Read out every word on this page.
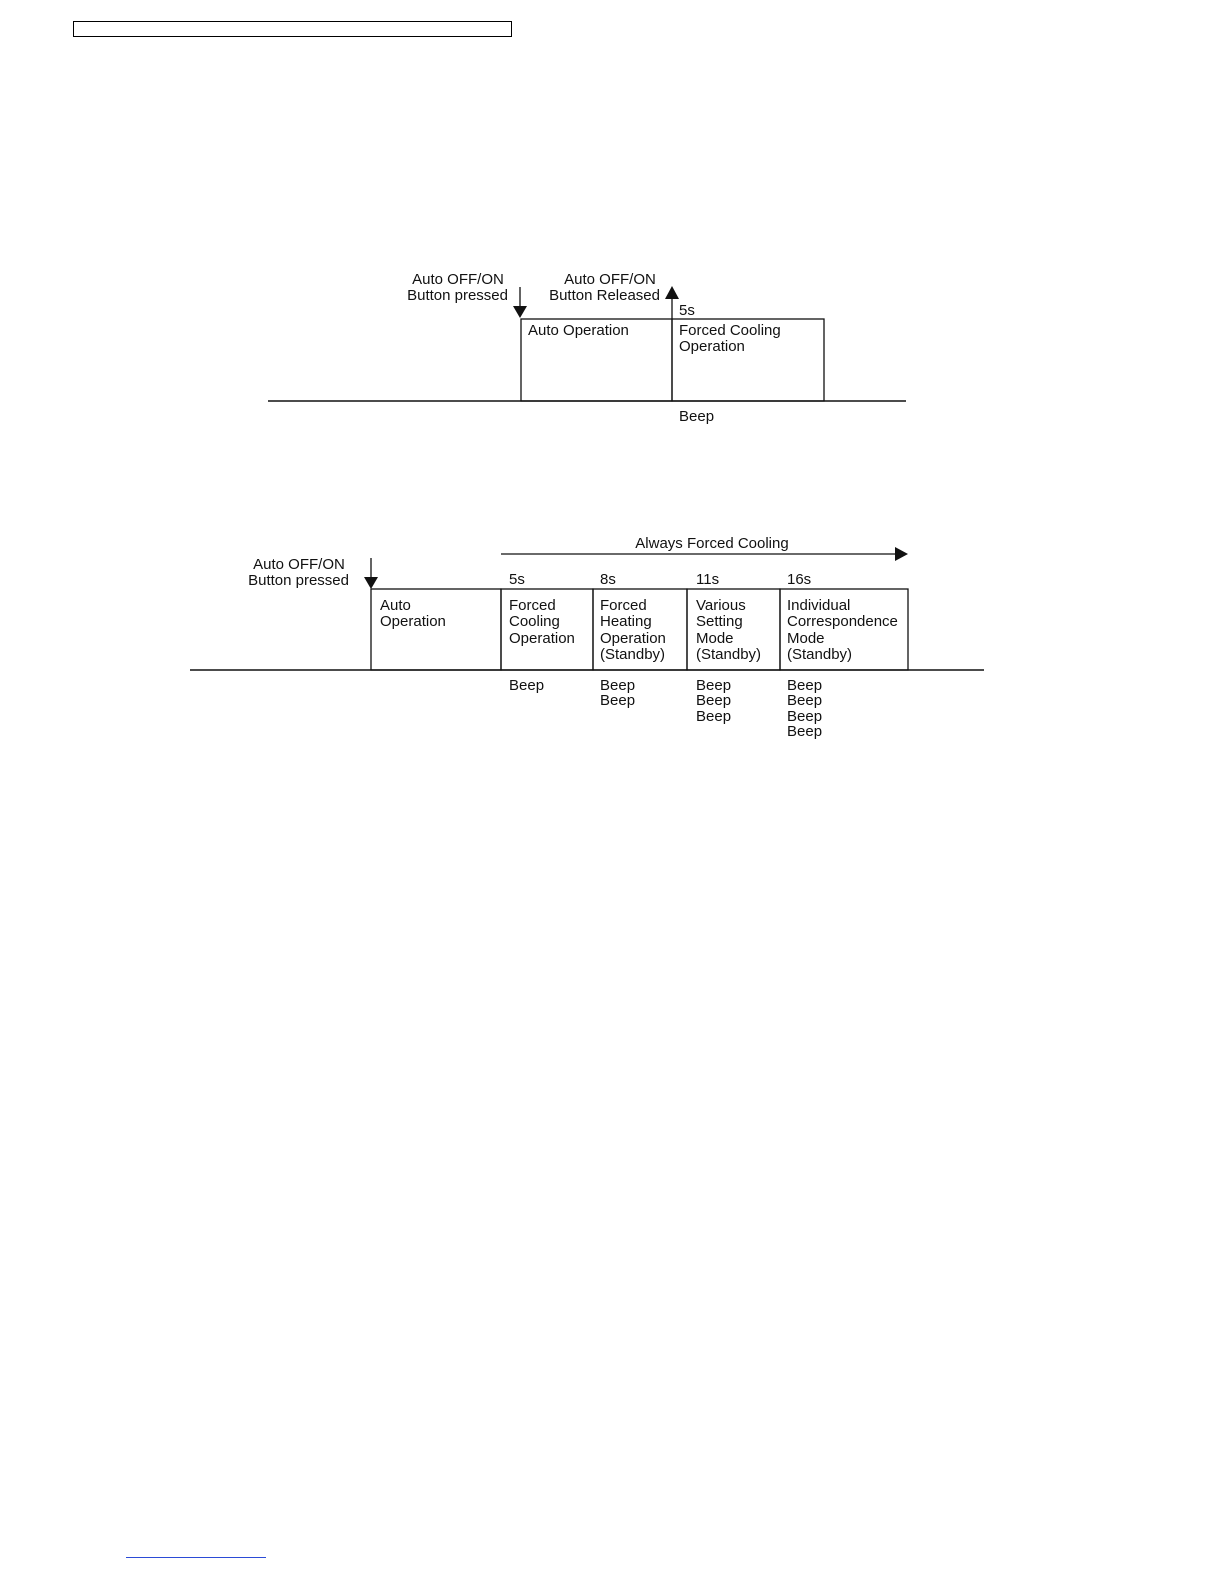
Auto OFF/ON Button pressed
Auto OFF/ON Button Released
5s
Auto Operation	Forced Cooling Operation
Beep
Always Forced Cooling
Auto OFF/ON Button pressed
Auto Operation
5s
Forced Cooling Operation
Beep
8s
Forced Heating Operation (Standby)
Beep Beep
11s
Various Setting Mode (Standby)
Beep Beep Beep
16s
Individual Correspondence Mode (Standby)
Beep Beep Beep Beep
